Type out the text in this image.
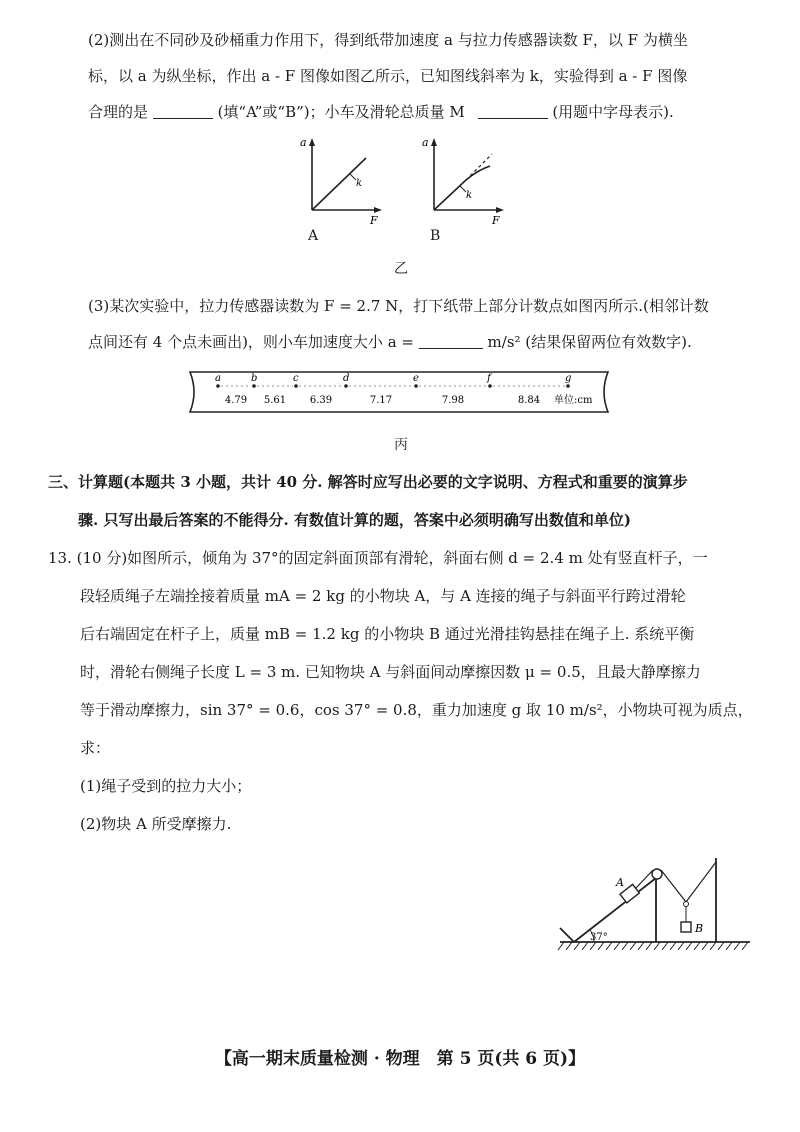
(2)测出在不同砂及砂桶重力作用下，得到纸带加速度 a 与拉力传感器读数 F，以 F 为横坐
标，以 a 为纵坐标，作出 a - F 图像如图乙所示，已知图线斜率为 k，实验得到 a - F 图像
合理的是	(填“A”或“B”)；小车及滑轮总质量 M	(用题中字母表示).
a
F
k
A
a
F
k
B
乙
(3)某次实验中，拉力传感器读数为 F = 2.7 N，打下纸带上部分计数点如图丙所示.(相邻计数
点间还有 4 个点未画出)，则小车加速度大小 a =	m/s² (结果保留两位有效数字).
a	b	c	d	e	f	g
4.79 5.61 6.39	7.17	7.98	8.84 单位:cm
丙
三、计算题(本题共 3 小题，共计 40 分. 解答时应写出必要的文字说明、方程式和重要的演算步
骤. 只写出最后答案的不能得分. 有数值计算的题，答案中必须明确写出数值和单位)
13. (10 分)如图所示，倾角为 37°的固定斜面顶部有滑轮，斜面右侧 d = 2.4 m 处有竖直杆子，一
段轻质绳子左端拴接着质量 mA = 2 kg 的小物块 A，与 A 连接的绳子与斜面平行跨过滑轮
后右端固定在杆子上，质量 mB = 1.2 kg 的小物块 B 通过光滑挂钩悬挂在绳子上. 系统平衡
时，滑轮右侧绳子长度 L = 3 m. 已知物块 A 与斜面间动摩擦因数 μ = 0.5，且最大静摩擦力
等于滑动摩擦力，sin 37° = 0.6，cos 37° = 0.8，重力加速度 g 取 10 m/s²，小物块可视为质点，
求：
(1)绳子受到的拉力大小；
(2)物块 A 所受摩擦力.
37°
A
B
【高一期末质量检测 · 物理　第 5 页(共 6 页)】
